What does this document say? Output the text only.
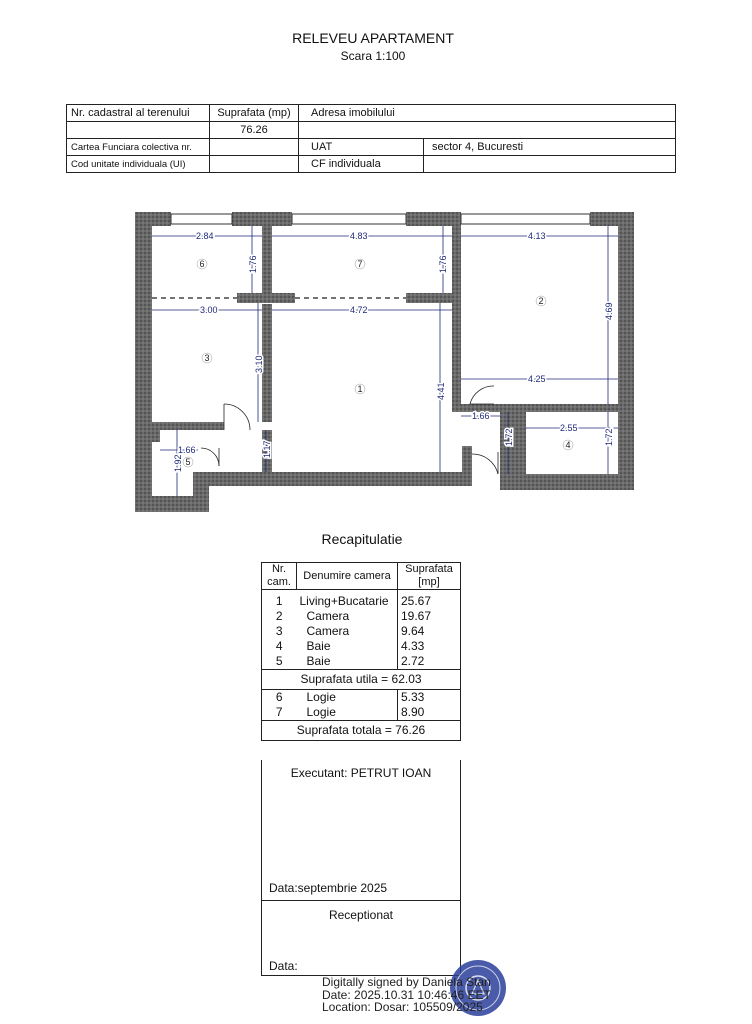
RELEVEU APARTAMENT
Scara 1:100
Nr. cadastral al terenului	Suprafata (mp)	Adresa imobilului	
	76.26		
Cartea Funciara colectiva nr.		UAT	sector 4, Bucuresti
Cod unitate individuala (UI)		CF individuala	
2.84	4.83	4.13
3.00	4.72
4.25
1.66
2.55
1.66
1.76	1.76
4.69
3.10
4.41
1.72	1.72
1.92
1.17
1
2
3
4
5
6	7
Recapitulatie
Nr. cam.	Denumire camera	Suprafata [mp]

1	Living+Bucatarie	25.67
2	Camera	19.67
3	Camera	9.64
4	Baie	4.33
5	Baie	2.72
Suprafata utila = 62.03		
6	Logie	5.33
7	Logie	8.90
Suprafata totala = 76.26		
Executant: PETRUT IOAN
Data:septembrie 2025
Receptionat
Data:
Digitally signed by Daniela Stan
Date: 2025.10.31 10:46:46 EET
Location: Dosar: 105509/2025
